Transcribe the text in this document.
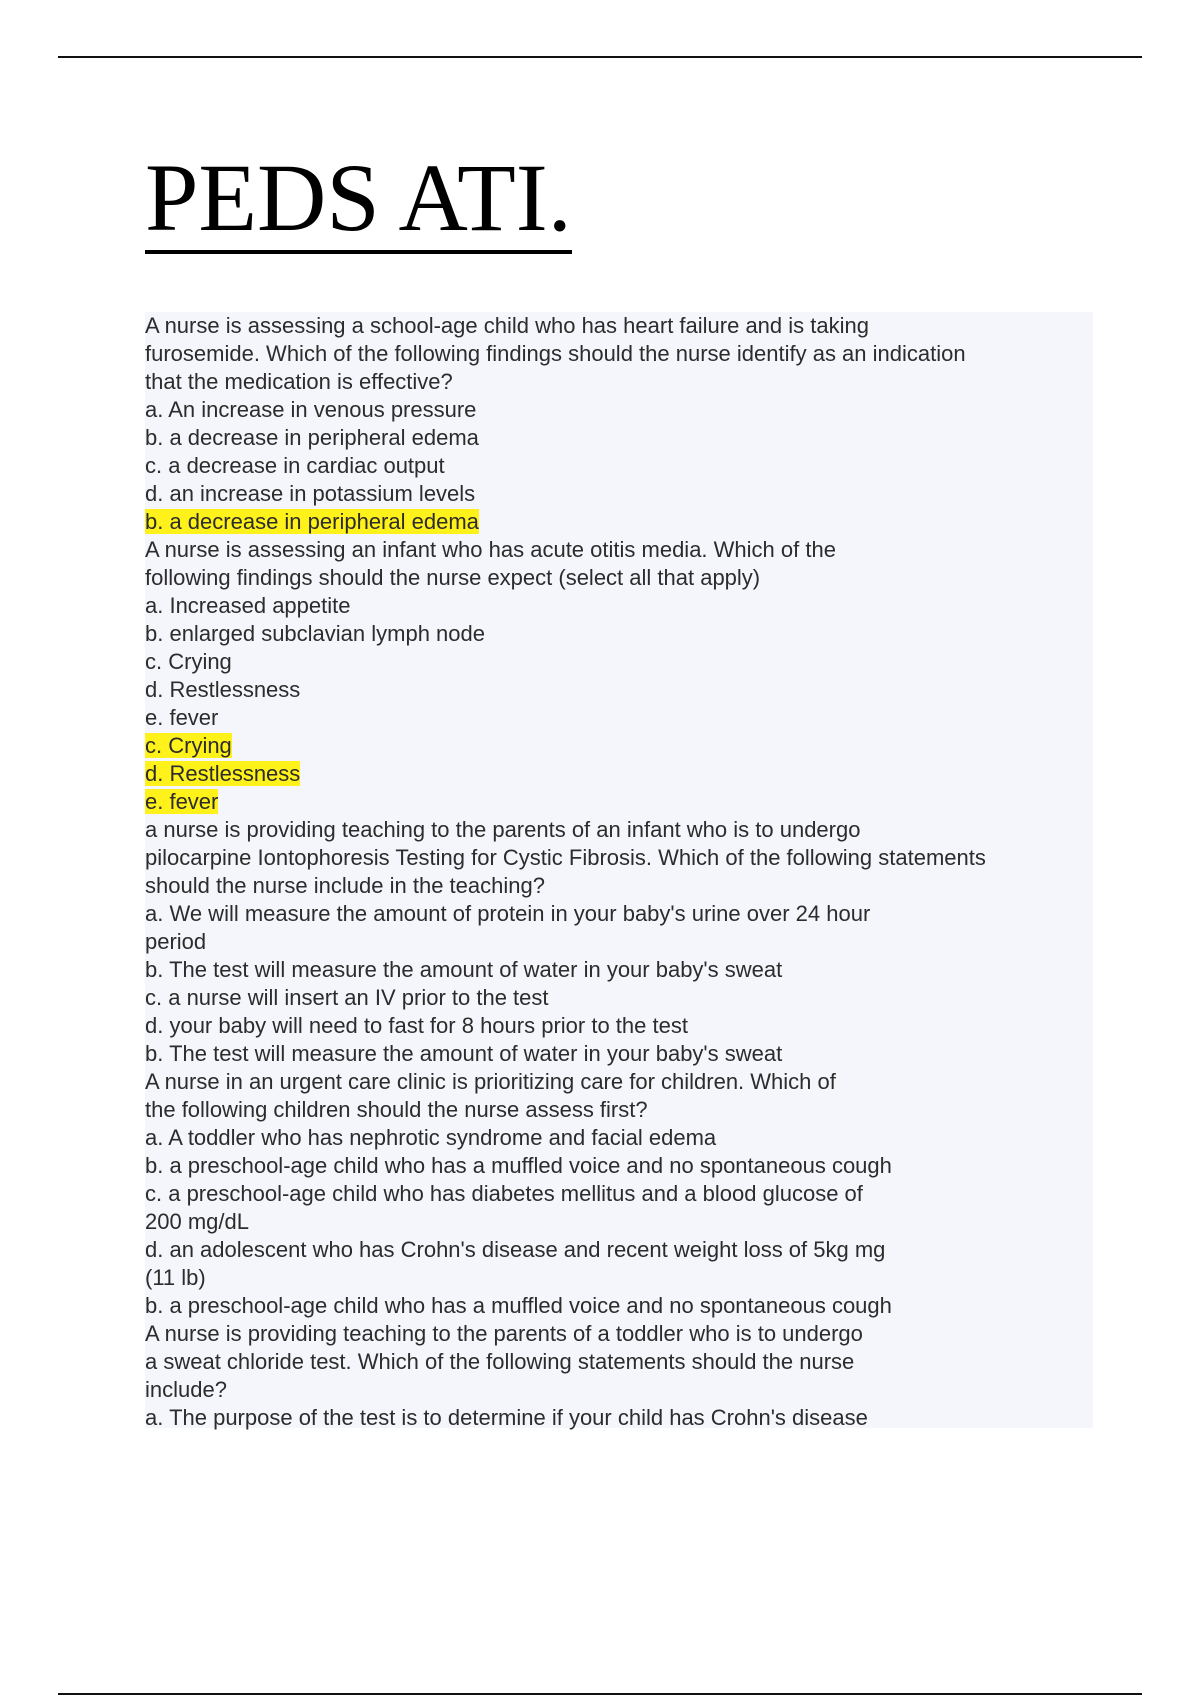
PEDS ATI.

A nurse is assessing a school-age child who has heart failure and is taking

furosemide. Which of the following findings should the nurse identify as an indication

that the medication is effective?

a. An increase in venous pressure

b. a decrease in peripheral edema

c. a decrease in cardiac output

d. an increase in potassium levels

b. a decrease in peripheral edema

A nurse is assessing an infant who has acute otitis media. Which of the

following findings should the nurse expect (select all that apply)

a. Increased appetite

b. enlarged subclavian lymph node

c. Crying

d. Restlessness

e. fever

c. Crying

d. Restlessness

e. fever

a nurse is providing teaching to the parents of an infant who is to undergo

pilocarpine Iontophoresis Testing for Cystic Fibrosis. Which of the following statements

should the nurse include in the teaching?

a. We will measure the amount of protein in your baby's urine over 24 hour

period

b. The test will measure the amount of water in your baby's sweat

c. a nurse will insert an IV prior to the test

d. your baby will need to fast for 8 hours prior to the test

b. The test will measure the amount of water in your baby's sweat

A nurse in an urgent care clinic is prioritizing care for children. Which of

the following children should the nurse assess first?

a. A toddler who has nephrotic syndrome and facial edema

b. a preschool-age child who has a muffled voice and no spontaneous cough

c. a preschool-age child who has diabetes mellitus and a blood glucose of

200 mg/dL

d. an adolescent who has Crohn's disease and recent weight loss of 5kg mg

(11 lb)

b. a preschool-age child who has a muffled voice and no spontaneous cough

A nurse is providing teaching to the parents of a toddler who is to undergo

a sweat chloride test. Which of the following statements should the nurse

include?

a. The purpose of the test is to determine if your child has Crohn's disease
